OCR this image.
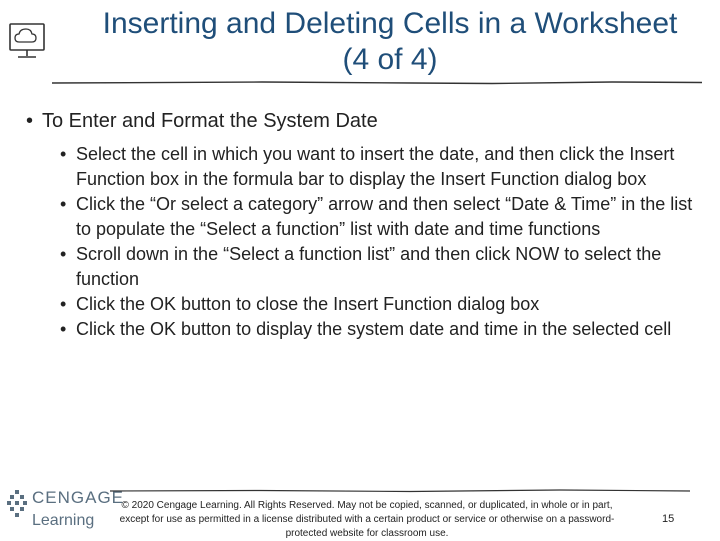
Inserting and Deleting Cells in a Worksheet
(4 of 4)
• To Enter and Format the System Date
• Select the cell in which you want to insert the date, and then click the Insert Function box in the formula bar to display the Insert Function dialog box
• Click the “Or select a category” arrow and then select “Date & Time” in the list to populate the “Select a function” list with date and time functions
• Scroll down in the “Select a function list” and then click NOW to select the function
• Click the OK button to close the Insert Function dialog box
• Click the OK button to display the system date and time in the selected cell
CENGAGE
Learning
© 2020 Cengage Learning. All Rights Reserved. May not be copied, scanned, or duplicated, in whole or in part, except for use as permitted in a license distributed with a certain product or service or otherwise on a password-protected website for classroom use.
15
